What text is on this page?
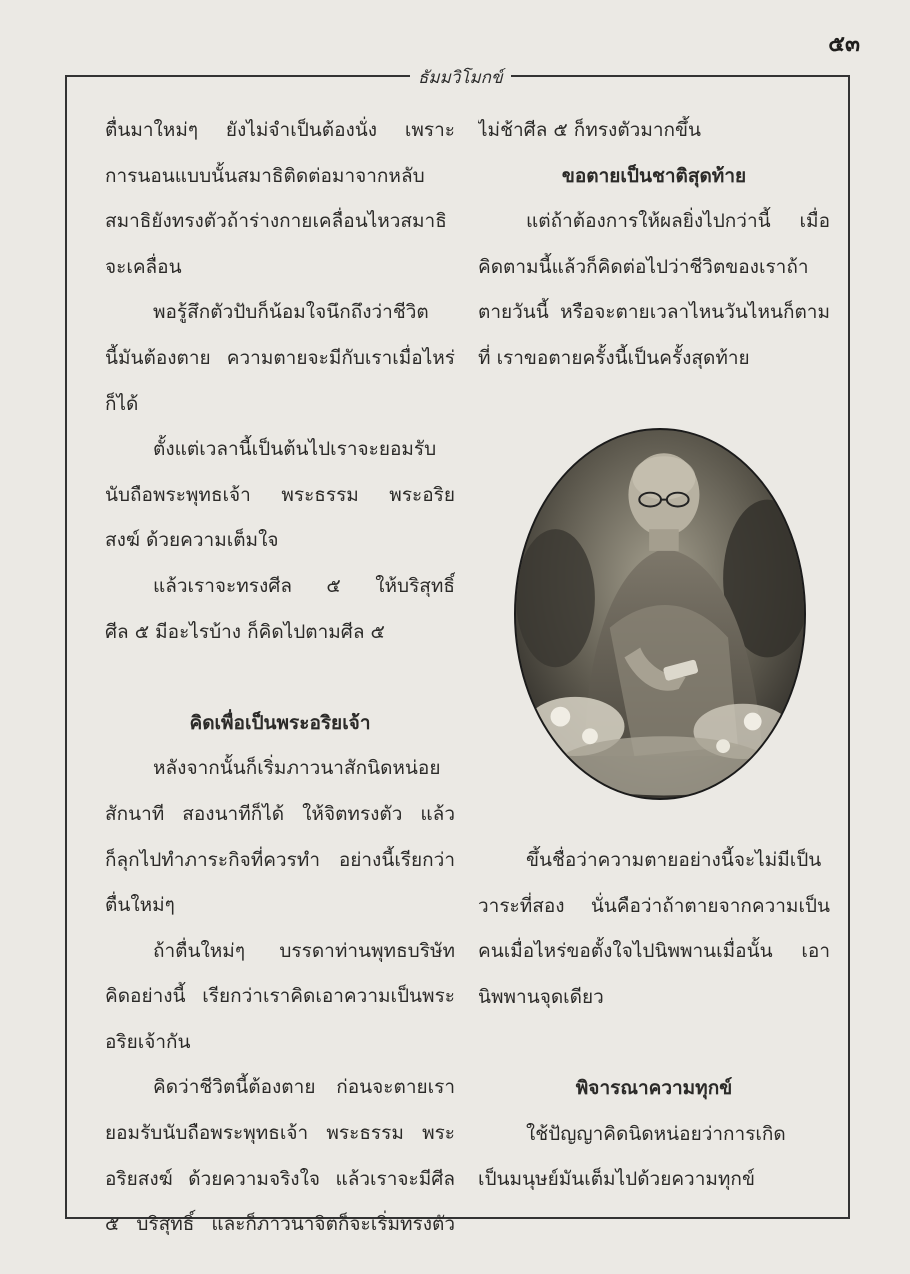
๕๓
ธัมมวิโมกข์
ตื่นมาใหม่ๆ ยังไม่จำเป็นต้องนั่ง เพราะ
การนอนแบบนั้นสมาธิติดต่อมาจากหลับ
สมาธิยังทรงตัวถ้าร่างกายเคลื่อนไหวสมาธิ
จะเคลื่อน
พอรู้สึกตัวปับก็น้อมใจนึกถึงว่าชีวิต
นี้มันต้องตาย ความตายจะมีกับเราเมื่อไหร่
ก็ได้
ตั้งแต่เวลานี้เป็นต้นไปเราจะยอมรับ
นับถือพระพุทธเจ้า พระธรรม พระอริย
สงฆ์ ด้วยความเต็มใจ
แล้วเราจะทรงศีล ๕ ให้บริสุทธิ์
ศีล ๕ มีอะไรบ้าง ก็คิดไปตามศีล ๕
คิดเพื่อเป็นพระอริยเจ้า
หลังจากนั้นก็เริ่มภาวนาสักนิดหน่อย
สักนาที สองนาทีก็ได้ ให้จิตทรงตัว แล้ว
ก็ลุกไปทำภาระกิจที่ควรทำ อย่างนี้เรียกว่า
ตื่นใหม่ๆ
ถ้าตื่นใหม่ๆ บรรดาท่านพุทธบริษัท
คิดอย่างนี้ เรียกว่าเราคิดเอาความเป็นพระ
อริยเจ้ากัน
คิดว่าชีวิตนี้ต้องตาย ก่อนจะตายเรา
ยอมรับนับถือพระพุทธเจ้า พระธรรม พระ
อริยสงฆ์ ด้วยความจริงใจ แล้วเราจะมีศีล
๕ บริสุทธิ์ และก็ภาวนาจิตก็จะเริ่มทรงตัว
ไม่ช้าศีล ๕ ก็ทรงตัวมากขึ้น
ขอตายเป็นชาติสุดท้าย
แต่ถ้าต้องการให้ผลยิ่งไปกว่านี้ เมื่อ
คิดตามนี้แล้วก็คิดต่อไปว่าชีวิตของเราถ้า
ตายวันนี้ หรือจะตายเวลาไหนวันไหนก็ตาม
ที่ เราขอตายครั้งนี้เป็นครั้งสุดท้าย
ขึ้นชื่อว่าความตายอย่างนี้จะไม่มีเป็น
วาระที่สอง นั่นคือว่าถ้าตายจากความเป็น
คนเมื่อไหร่ขอตั้งใจไปนิพพานเมื่อนั้น เอา
นิพพานจุดเดียว
พิจารณาความทุกข์
ใช้ปัญญาคิดนิดหน่อยว่าการเกิด
เป็นมนุษย์มันเต็มไปด้วยความทุกข์
